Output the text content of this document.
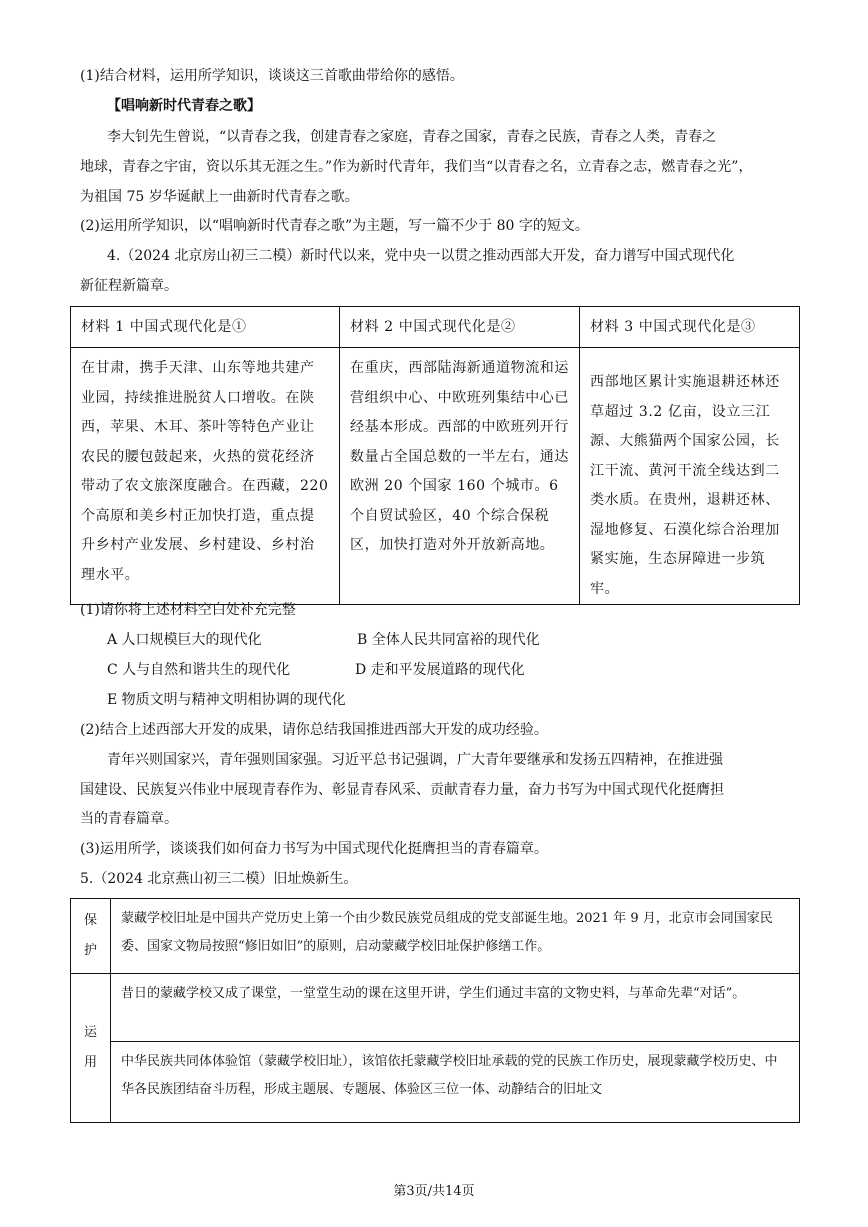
(1)结合材料，运用所学知识，谈谈这三首歌曲带给你的感悟。
【唱响新时代青春之歌】
李大钊先生曾说，“以青春之我，创建青春之家庭，青春之国家，青春之民族，青春之人类，青春之
地球，青春之宇宙，资以乐其无涯之生。”作为新时代青年，我们当“以青春之名，立青春之志，燃青春之光”，
为祖国 75 岁华诞献上一曲新时代青春之歌。
(2)运用所学知识，以“唱响新时代青春之歌”为主题，写一篇不少于 80 字的短文。
4.（2024 北京房山初三二模）新时代以来，党中央一以贯之推动西部大开发，奋力谱写中国式现代化
新征程新篇章。
材料 1 中国式现代化是①	材料 2 中国式现代化是②	材料 3 中国式现代化是③
在甘肃，携手天津、山东等地共建产业园，持续推进脱贫人口增收。在陕西，苹果、木耳、茶叶等特色产业让农民的腰包鼓起来，火热的赏花经济带动了农文旅深度融合。在西藏，220个高原和美乡村正加快打造，重点提升乡村产业发展、乡村建设、乡村治理水平。	在重庆，西部陆海新通道物流和运营组织中心、中欧班列集结中心已经基本形成。西部的中欧班列开行数量占全国总数的一半左右，通达欧洲 20 个国家 160 个城市。6 个自贸试验区，40 个综合保税区，加快打造对外开放新高地。	西部地区累计实施退耕还林还草超过 3.2 亿亩，设立三江源、大熊猫两个国家公园，长江干流、黄河干流全线达到二类水质。在贵州，退耕还林、湿地修复、石漠化综合治理加紧实施，生态屏障进一步筑牢。
(1)请你将上述材料空白处补充完整
A 人口规模巨大的现代化	B 全体人民共同富裕的现代化
C 人与自然和谐共生的现代化	D 走和平发展道路的现代化
E 物质文明与精神文明相协调的现代化
(2)结合上述西部大开发的成果，请你总结我国推进西部大开发的成功经验。
青年兴则国家兴，青年强则国家强。习近平总书记强调，广大青年要继承和发扬五四精神，在推进强
国建设、民族复兴伟业中展现青春作为、彰显青春风采、贡献青春力量，奋力书写为中国式现代化挺膺担
当的青春篇章。
(3)运用所学，谈谈我们如何奋力书写为中国式现代化挺膺担当的青春篇章。
5.（2024 北京燕山初三二模）旧址焕新生。
保
护	蒙藏学校旧址是中国共产党历史上第一个由少数民族党员组成的党支部诞生地。2021 年 9 月，北京市会同国家民委、国家文物局按照“修旧如旧”的原则，启动蒙藏学校旧址保护修缮工作。

运
用	昔日的蒙藏学校又成了课堂，一堂堂生动的课在这里开讲，学生们通过丰富的文物史料，与革命先辈“对话”。
	中华民族共同体体验馆（蒙藏学校旧址），该馆依托蒙藏学校旧址承载的党的民族工作历史，展现蒙藏学校历史、中华各民族团结奋斗历程，形成主题展、专题展、体验区三位一体、动静结合的旧址文
第3页/共14页
